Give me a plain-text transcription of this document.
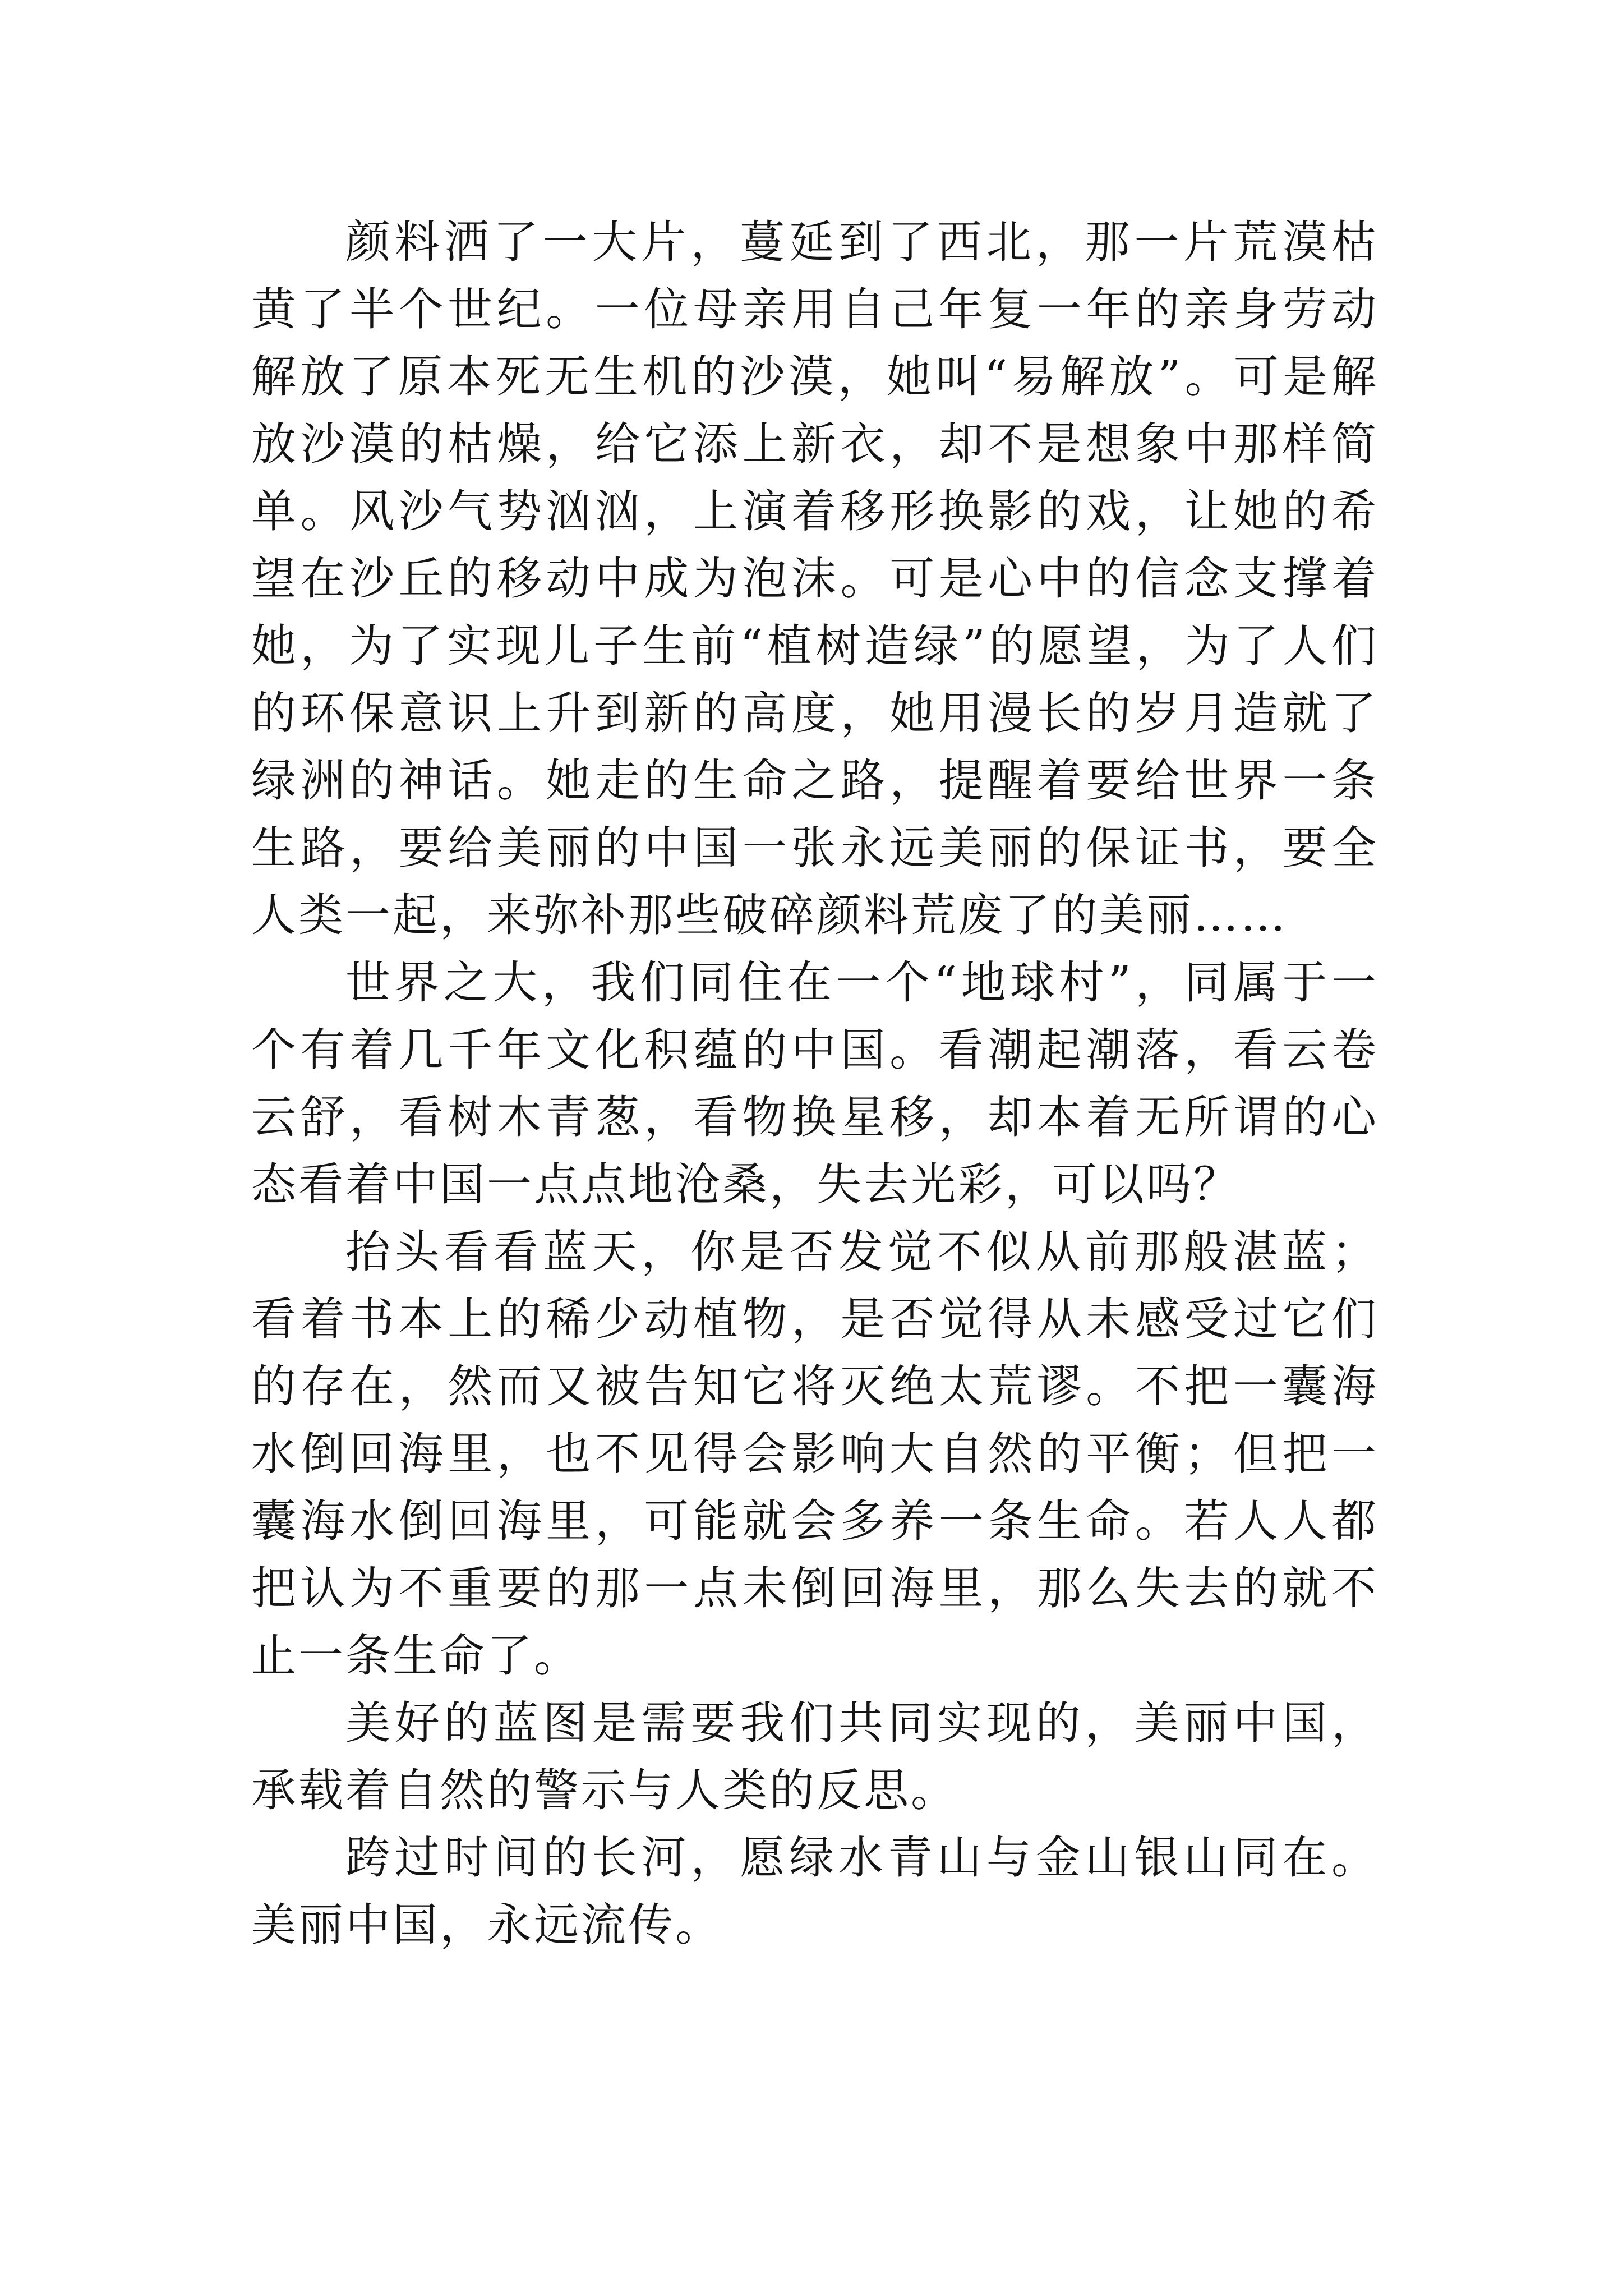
颜料洒了一大片，蔓延到了西北，那一片荒漠枯黄了半个世纪。一位母亲用自己年复一年的亲身劳动解放了原本死无生机的沙漠，她叫“易解放”。可是解放沙漠的枯燥，给它添上新衣，却不是想象中那样简单。风沙气势汹汹，上演着移形换影的戏，让她的希望在沙丘的移动中成为泡沫。可是心中的信念支撑着她，为了实现儿子生前“植树造绿”的愿望，为了人们的环保意识上升到新的高度，她用漫长的岁月造就了绿洲的神话。她走的生命之路，提醒着要给世界一条生路，要给美丽的中国一张永远美丽的保证书，要全人类一起，来弥补那些破碎颜料荒废了的美丽……

世界之大，我们同住在一个“地球村”，同属于一个有着几千年文化积蕴的中国。看潮起潮落，看云卷云舒，看树木青葱，看物换星移，却本着无所谓的心态看着中国一点点地沧桑，失去光彩，可以吗？

抬头看看蓝天，你是否发觉不似从前那般湛蓝；看着书本上的稀少动植物，是否觉得从未感受过它们的存在，然而又被告知它将灭绝太荒谬。不把一囊海水倒回海里，也不见得会影响大自然的平衡；但把一囊海水倒回海里，可能就会多养一条生命。若人人都把认为不重要的那一点未倒回海里，那么失去的就不止一条生命了。

美好的蓝图是需要我们共同实现的，美丽中国，承载着自然的警示与人类的反思。

跨过时间的长河，愿绿水青山与金山银山同在。美丽中国，永远流传。
